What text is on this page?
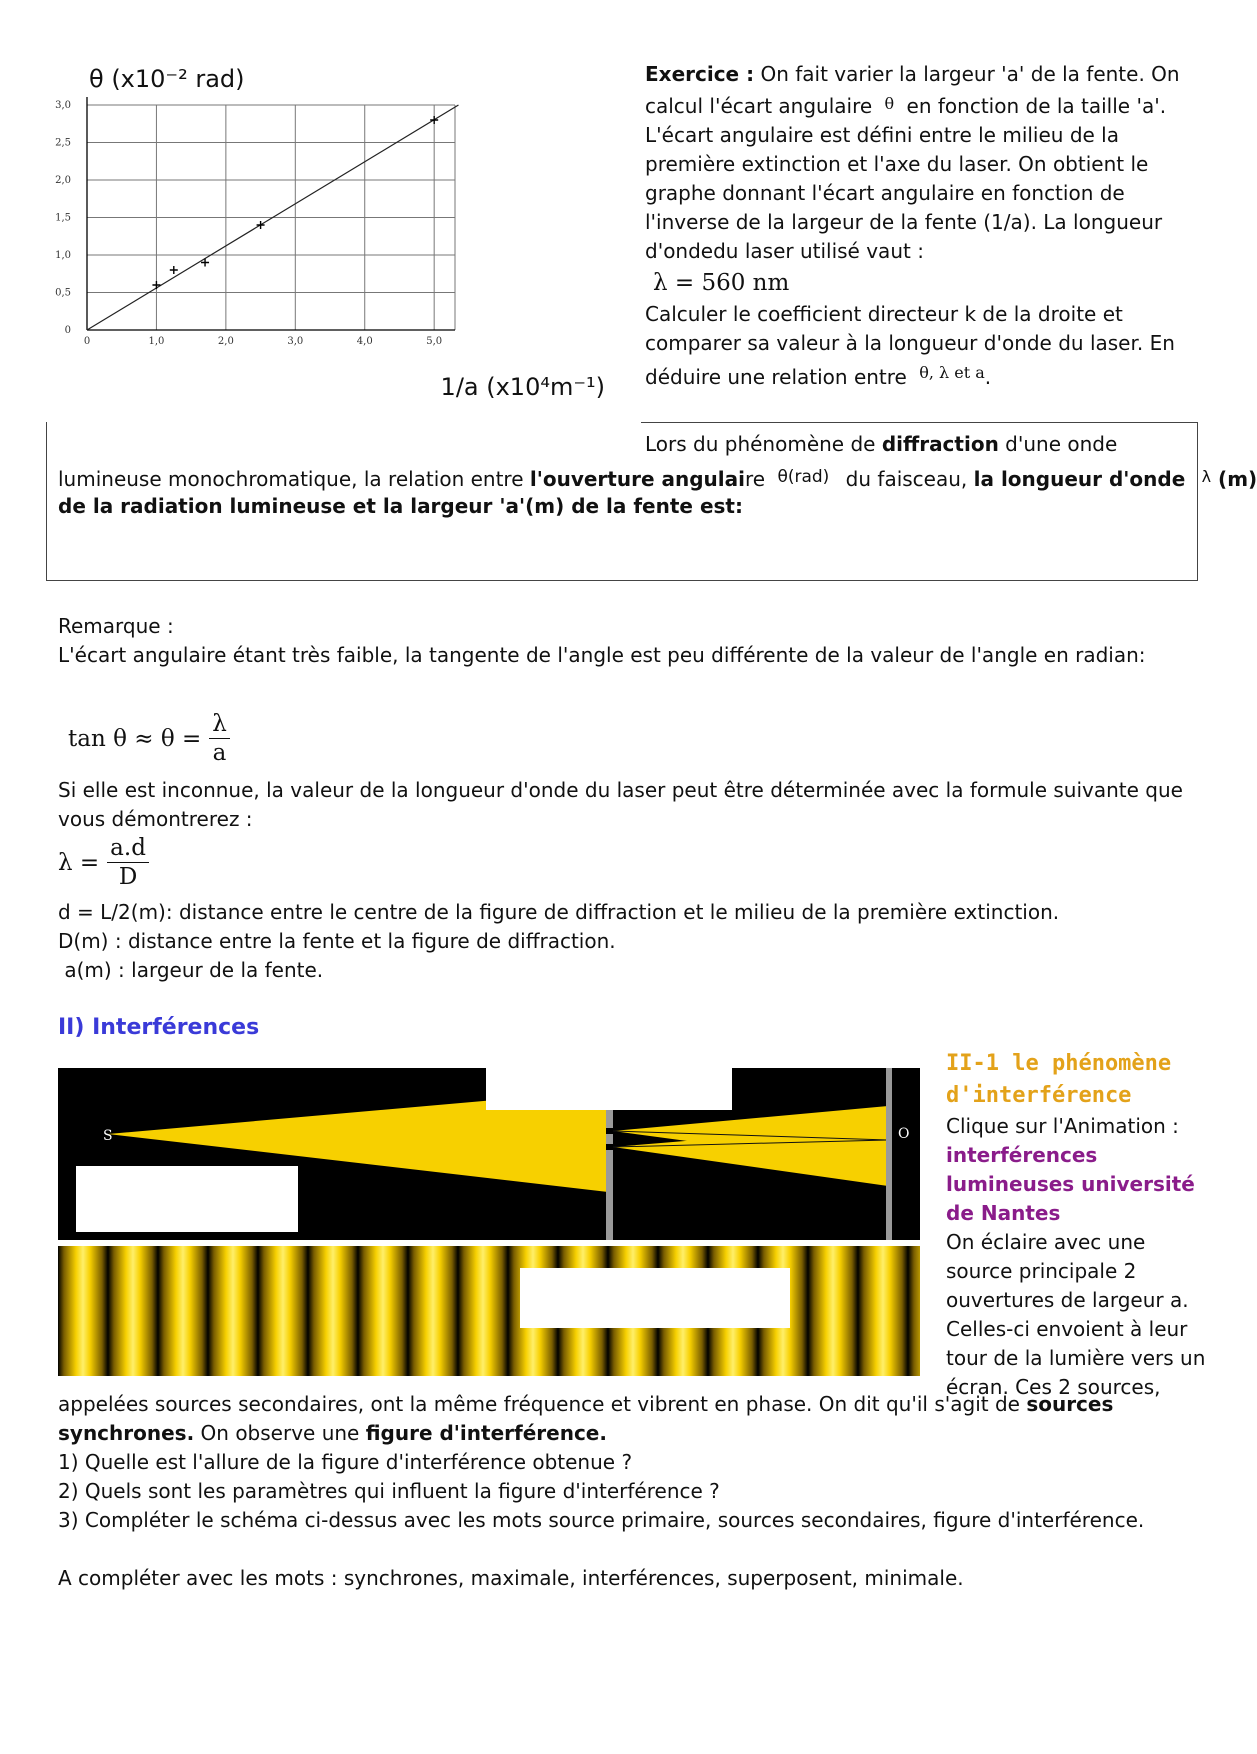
0	1,0	2,0	3,0	4,0	5,0
0
0,5
1,0
1,5
2,0
2,5
3,0
θ (x10⁻² rad)
1/a (x10⁴m⁻¹)
Exercice : On fait varier la largeur 'a' de la fente. On calcul l'écart angulaire $^\theta$ en fonction de la taille 'a'. L'écart angulaire est défini entre le milieu de la première extinction et l'axe du laser. On obtient le graphe donnant l'écart angulaire en fonction de l'inverse de la largeur de la fente (1/a). La longueur d'ondedu laser utilisé vaut :
λ = 560 nm
Calculer le coefficient directeur k de la droite et comparer sa valeur à la longueur d'onde du laser. En déduire une relation entre $^{\theta, \lambda et a}$.
Lors du phénomène de diffraction d'une onde
lumineuse monochromatique, la relation entre l'ouverture angulaire $^{\theta(rad)}$ du faisceau, la longueur d'onde $^\lambda$ (m)
de la radiation lumineuse et la largeur 'a'(m) de la fente est:
Remarque :
L'écart angulaire étant très faible, la tangente de l'angle est peu différente de la valeur de l'angle en radian:
$\tan \theta \approx \theta = \frac{\lambda}{a}$
Si elle est inconnue, la valeur de la longueur d'onde du laser peut être déterminée avec la formule suivante que vous démontrerez :
$\lambda = \frac{a.d}{D}$
d = L/2(m): distance entre le centre de la figure de diffraction et le milieu de la première extinction.
D(m) : distance entre la fente et la figure de diffraction.
a(m) : largeur de la fente.
II) Interférences
S	O
II-1 le phénomène d'interférence
Clique sur l'Animation :
interférences lumineuses université de Nantes
On éclaire avec une source principale 2 ouvertures de largeur a. Celles-ci envoient à leur tour de la lumière vers un écran. Ces 2 sources,
appelées sources secondaires, ont la même fréquence et vibrent en phase. On dit qu'il s'agit de sources synchrones. On observe une figure d'interférence.
1) Quelle est l'allure de la figure d'interférence obtenue ?
2) Quels sont les paramètres qui influent la figure d'interférence ?
3) Compléter le schéma ci-dessus avec les mots source primaire, sources secondaires, figure d'interférence.
A compléter avec les mots : synchrones, maximale, interférences, superposent, minimale.
